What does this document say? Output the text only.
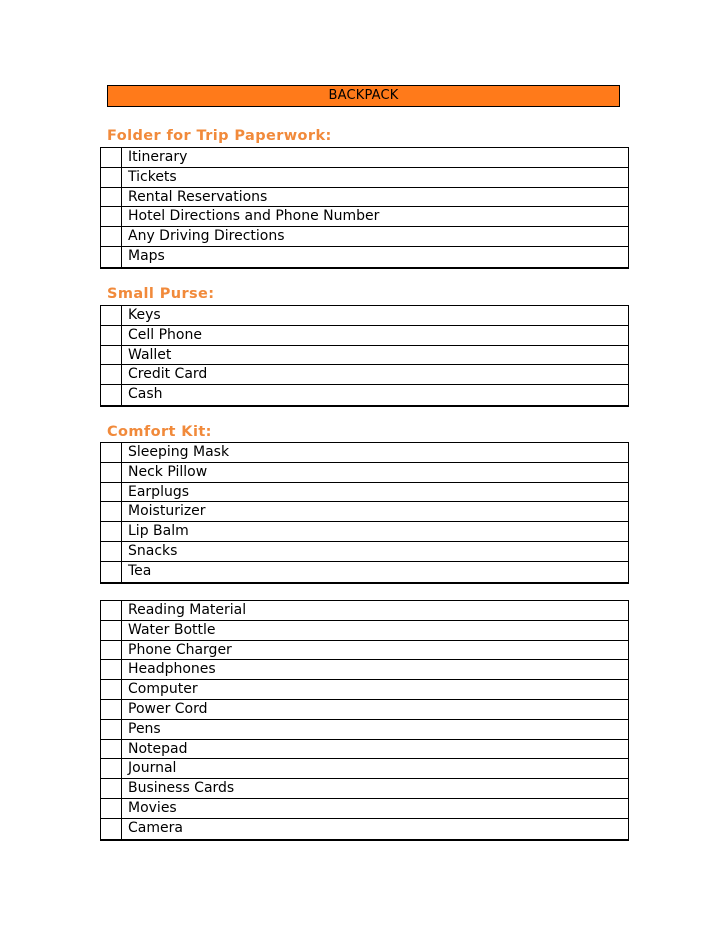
BACKPACK
Folder for Trip Paperwork:
Itinerary
Tickets
Rental Reservations
Hotel Directions and Phone Number
Any Driving Directions
Maps
Small Purse:
Keys
Cell Phone
Wallet
Credit Card
Cash
Comfort Kit:
Sleeping Mask
Neck Pillow
Earplugs
Moisturizer
Lip Balm
Snacks
Tea
Reading Material
Water Bottle
Phone Charger
Headphones
Computer
Power Cord
Pens
Notepad
Journal
Business Cards
Movies
Camera
